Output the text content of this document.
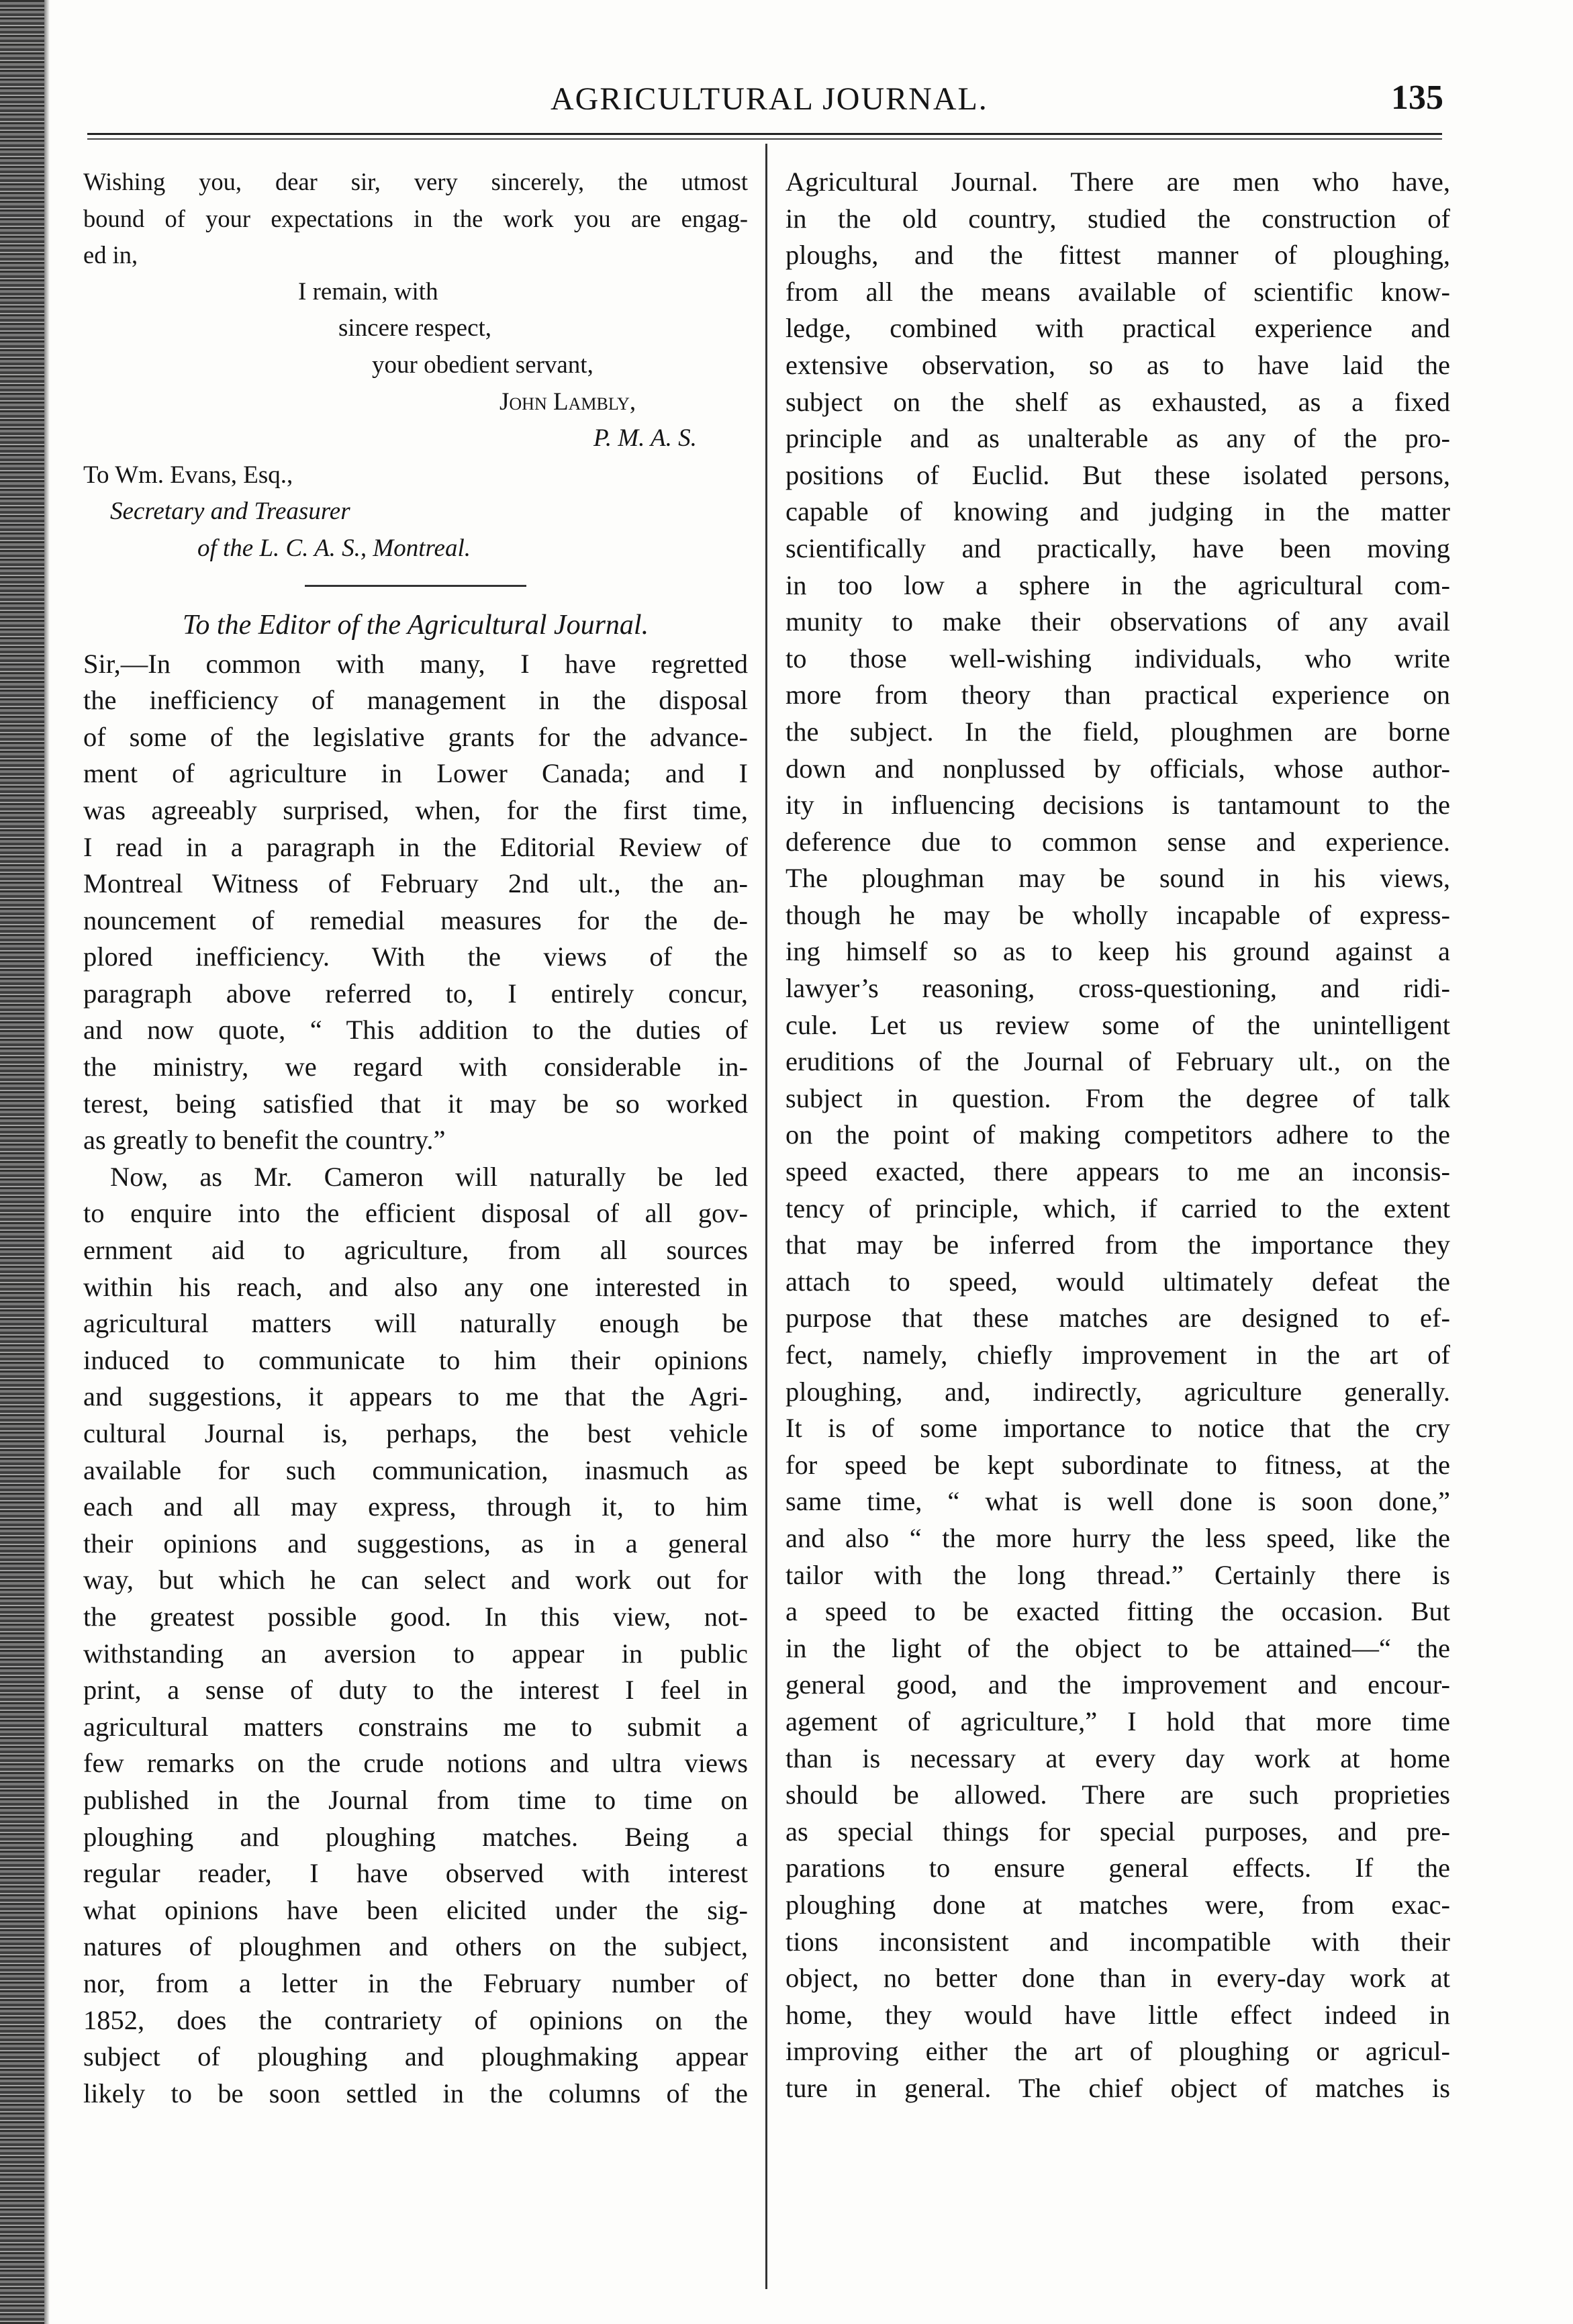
AGRICULTURAL JOURNAL.	135
Wishing you, dear sir, very sincerely, the utmost
bound of your expectations in the work you are engag-
ed in,
I remain, with
sincere respect,
your obedient servant,
John Lambly,
P. M. A. S.
To Wm. Evans, Esq.,
Secretary and Treasurer
of the L. C. A. S., Montreal.
To the Editor of the Agricultural Journal.
Sir,—In common with many, I have regretted
the inefficiency of management in the disposal
of some of the legislative grants for the advance-
ment of agriculture in Lower Canada; and I
was agreeably surprised, when, for the first time,
I read in a paragraph in the Editorial Review of
Montreal Witness of February 2nd ult., the an-
nouncement of remedial measures for the de-
plored inefficiency. With the views of the
paragraph above referred to, I entirely concur,
and now quote, “ This addition to the duties of
the ministry, we regard with considerable in-
terest, being satisfied that it may be so worked
as greatly to benefit the country.”
Now, as Mr. Cameron will naturally be led
to enquire into the efficient disposal of all gov-
ernment aid to agriculture, from all sources
within his reach, and also any one interested in
agricultural matters will naturally enough be
induced to communicate to him their opinions
and suggestions, it appears to me that the Agri-
cultural Journal is, perhaps, the best vehicle
available for such communication, inasmuch as
each and all may express, through it, to him
their opinions and suggestions, as in a general
way, but which he can select and work out for
the greatest possible good. In this view, not-
withstanding an aversion to appear in public
print, a sense of duty to the interest I feel in
agricultural matters constrains me to submit a
few remarks on the crude notions and ultra views
published in the Journal from time to time on
ploughing and ploughing matches. Being a
regular reader, I have observed with interest
what opinions have been elicited under the sig-
natures of ploughmen and others on the subject,
nor, from a letter in the February number of
1852, does the contrariety of opinions on the
subject of ploughing and ploughmaking appear
likely to be soon settled in the columns of the
Agricultural Journal. There are men who have,
in the old country, studied the construction of
ploughs, and the fittest manner of ploughing,
from all the means available of scientific know-
ledge, combined with practical experience and
extensive observation, so as to have laid the
subject on the shelf as exhausted, as a fixed
principle and as unalterable as any of the pro-
positions of Euclid. But these isolated persons,
capable of knowing and judging in the matter
scientifically and practically, have been moving
in too low a sphere in the agricultural com-
munity to make their observations of any avail
to those well-wishing individuals, who write
more from theory than practical experience on
the subject. In the field, ploughmen are borne
down and nonplussed by officials, whose author-
ity in influencing decisions is tantamount to the
deference due to common sense and experience.
The ploughman may be sound in his views,
though he may be wholly incapable of express-
ing himself so as to keep his ground against a
lawyer’s reasoning, cross-questioning, and ridi-
cule. Let us review some of the unintelligent
eruditions of the Journal of February ult., on the
subject in question. From the degree of talk
on the point of making competitors adhere to the
speed exacted, there appears to me an inconsis-
tency of principle, which, if carried to the extent
that may be inferred from the importance they
attach to speed, would ultimately defeat the
purpose that these matches are designed to ef-
fect, namely, chiefly improvement in the art of
ploughing, and, indirectly, agriculture generally.
It is of some importance to notice that the cry
for speed be kept subordinate to fitness, at the
same time, “ what is well done is soon done,”
and also “ the more hurry the less speed, like the
tailor with the long thread.” Certainly there is
a speed to be exacted fitting the occasion. But
in the light of the object to be attained—“ the
general good, and the improvement and encour-
agement of agriculture,” I hold that more time
than is necessary at every day work at home
should be allowed. There are such proprieties
as special things for special purposes, and pre-
parations to ensure general effects. If the
ploughing done at matches were, from exac-
tions inconsistent and incompatible with their
object, no better done than in every-day work at
home, they would have little effect indeed in
improving either the art of ploughing or agricul-
ture in general. The chief object of matches is
